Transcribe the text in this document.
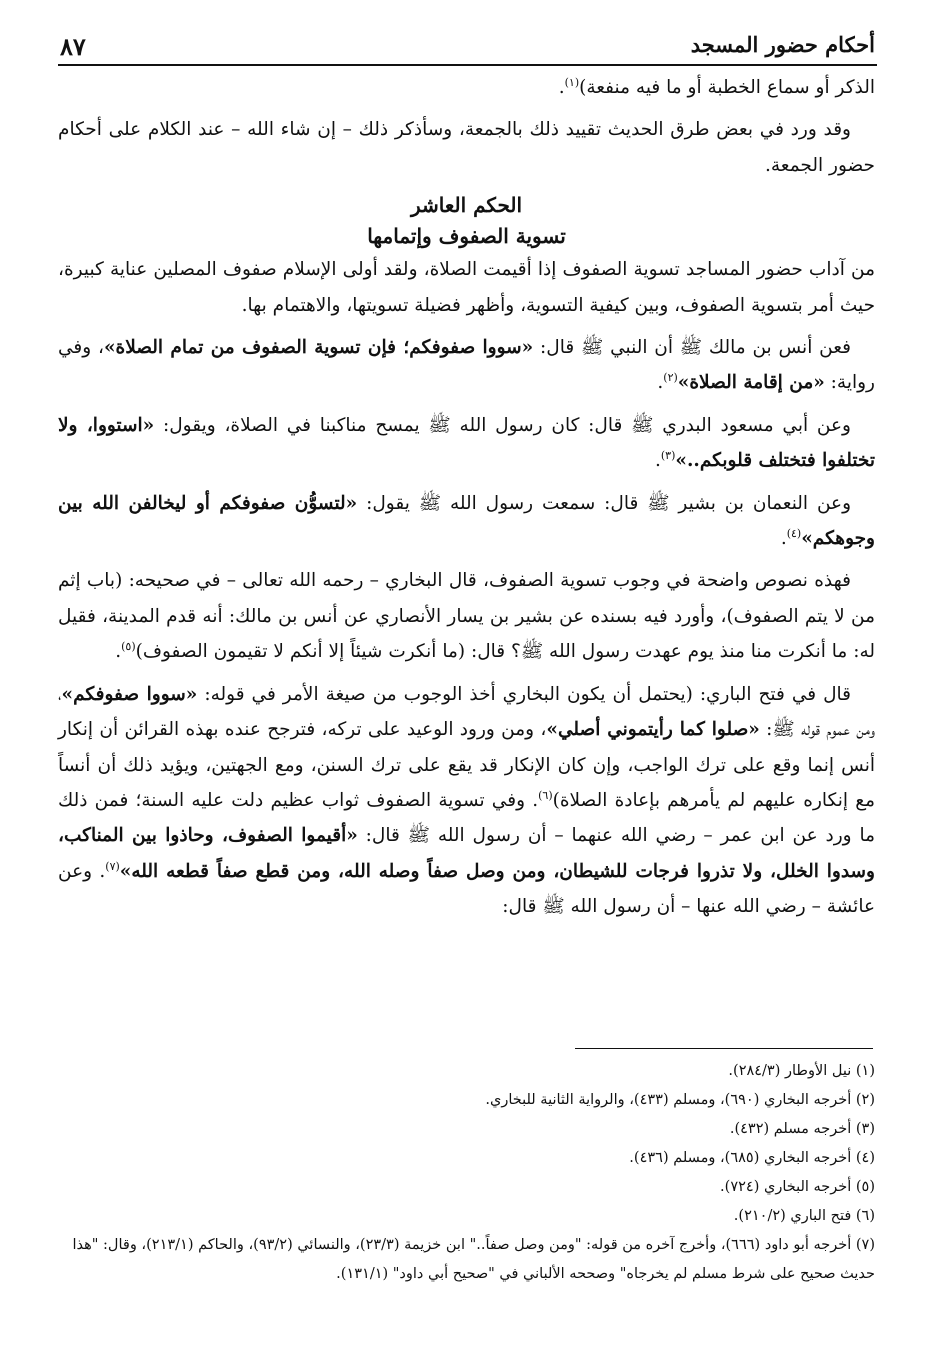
أحكام حضور المسجد
٨٧

الذكر أو سماع الخطبة أو ما فيه منفعة)$^{(١)}$.

وقد ورد في بعض طرق الحديث تقييد ذلك بالجمعة، وسأذكر ذلك – إن شاء الله – عند الكلام على أحكام حضور الجمعة.

الحكم العاشر
تسوية الصفوف وإتمامها

من آداب حضور المساجد تسوية الصفوف إذا أقيمت الصلاة، ولقد أولى الإسلام صفوف المصلين عناية كبيرة، حيث أمر بتسوية الصفوف، وبين كيفية التسوية، وأظهر فضيلة تسويتها، والاهتمام بها.

فعن أنس بن مالك ﷺ أن النبي ﷺ قال: «سووا صفوفكم؛ فإن تسوية الصفوف من تمام الصلاة»، وفي رواية: «من إقامة الصلاة»$^{(٢)}$.

وعن أبي مسعود البدري ﷺ قال: كان رسول الله ﷺ يمسح مناكبنا في الصلاة، ويقول: «استووا، ولا تختلفوا فتختلف قلوبكم..»$^{(٣)}$.

وعن النعمان بن بشير ﷺ قال: سمعت رسول الله ﷺ يقول: «لتسوُّن صفوفكم أو ليخالفن الله بين وجوهكم»$^{(٤)}$.

فهذه نصوص واضحة في وجوب تسوية الصفوف، قال البخاري – رحمه الله تعالى – في صحيحه: (باب إثم من لا يتم الصفوف)، وأورد فيه بسنده عن بشير بن يسار الأنصاري عن أنس بن مالك: أنه قدم المدينة، فقيل له: ما أنكرت منا منذ يوم عهدت رسول الله ﷺ؟ قال: (ما أنكرت شيئاً إلا أنكم لا تقيمون الصفوف)$^{(٥)}$.

قال في فتح الباري: (يحتمل أن يكون البخاري أخذ الوجوب من صيغة الأمر في قوله: «سووا صفوفكم»، ومن عموم قوله ﷺ: «صلوا كما رأيتموني أصلي»، ومن ورود الوعيد على تركه، فترجح عنده بهذه القرائن أن إنكار أنس إنما وقع على ترك الواجب، وإن كان الإنكار قد يقع على ترك السنن، ومع الجهتين، ويؤيد ذلك أن أنساً مع إنكاره عليهم لم يأمرهم بإعادة الصلاة)$^{(٦)}$. وفي تسوية الصفوف ثواب عظيم دلت عليه السنة؛ فمن ذلك ما ورد عن ابن عمر – رضي الله عنهما – أن رسول الله ﷺ قال: «أقيموا الصفوف، وحاذوا بين المناكب، وسدوا الخلل، ولا تذروا فرجات للشيطان، ومن وصل صفاً وصله الله، ومن قطع صفاً قطعه الله»$^{(٧)}$. وعن عائشة – رضي الله عنها – أن رسول الله ﷺ قال:

(١) نيل الأوطار (٢٨٤/٣).

(٢) أخرجه البخاري (٦٩٠)، ومسلم (٤٣٣)، والرواية الثانية للبخاري.

(٣) أخرجه مسلم (٤٣٢).

(٤) أخرجه البخاري (٦٨٥)، ومسلم (٤٣٦).

(٥) أخرجه البخاري (٧٢٤).

(٦) فتح الباري (٢١٠/٢).

(٧) أخرجه أبو داود (٦٦٦)، وأخرج آخره من قوله: "ومن وصل صفاً.." ابن خزيمة (٢٣/٣)، والنسائي (٩٣/٢)، والحاكم (٢١٣/١)، وقال: "هذا حديث صحيح على شرط مسلم لم يخرجاه" وصححه الألباني في "صحيح أبي داود" (١٣١/١).
